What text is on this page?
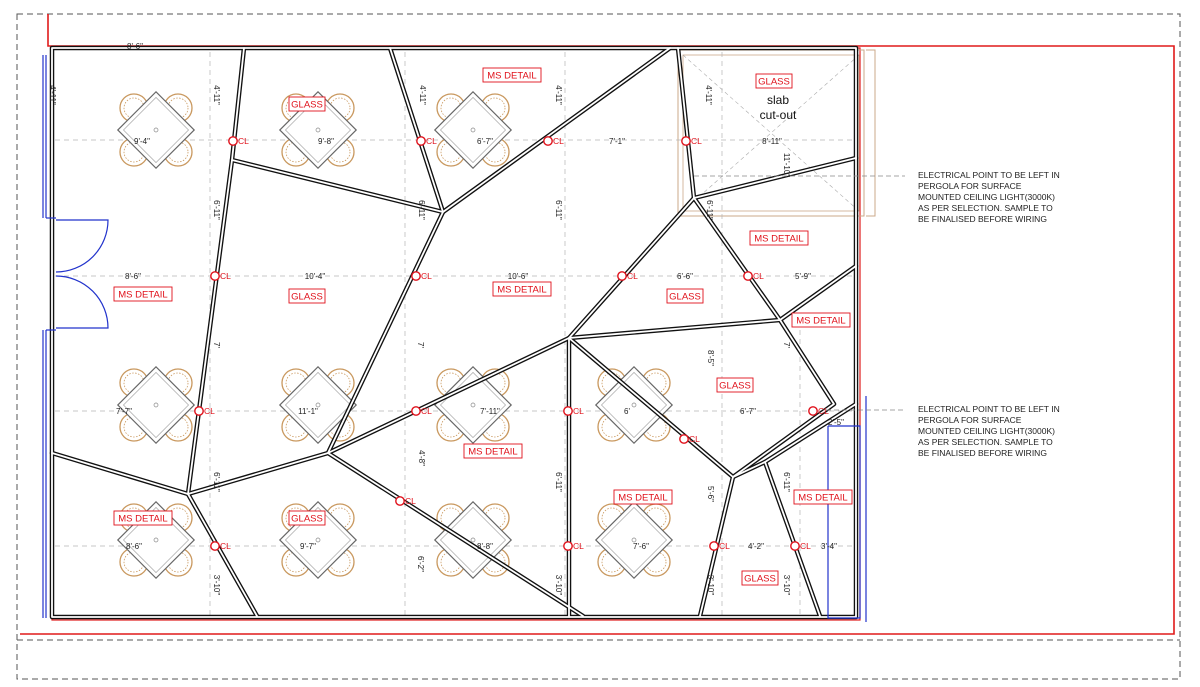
CL	CL	CL	CL
CL	CL	CL	CL
CL	CL	CL
CL
CL
CL
CL	CL	CL	CL
8'-6"
4'-11"
9'-4"	9'-8"	6'-7"	7'-1"	8'-11"
8'-6"	10'-4"	10'-6"	6'-6"	5'-9"
7'-7"	11'-1"	7'-11"	6'	6'-7"
2'-5"
8'-6"	9'-7"	8'-8"	7'-6"	4'-2"	3'-4"
4'-11"	4'-11"	4'-11"	4'-11"
6'-11"	6'-11"	6'-11"	6'-11"
11'-10"
7'	7'	7'
8'-5"
4'-8"
6'-11"	6'-11"	6'-11"
5'-6"
6'-2"
3'-10"	3'-10"	3'-10"	3'-10"
GLASS
MS DETAIL
GLASS
MS DETAIL
MS DETAIL	GLASS
MS DETAIL
GLASS
MS DETAIL
GLASS
MS DETAIL
MS DETAIL	GLASS
MS DETAIL	MS DETAIL
GLASS
slab
cut-out
ELECTRICAL POINT TO BE LEFT IN
PERGOLA FOR SURFACE
MOUNTED CEILING LIGHT(3000K)
AS PER SELECTION. SAMPLE TO
BE FINALISED BEFORE WIRING
ELECTRICAL POINT TO BE LEFT IN
PERGOLA FOR SURFACE
MOUNTED CEILING LIGHT(3000K)
AS PER SELECTION. SAMPLE TO
BE FINALISED BEFORE WIRING
